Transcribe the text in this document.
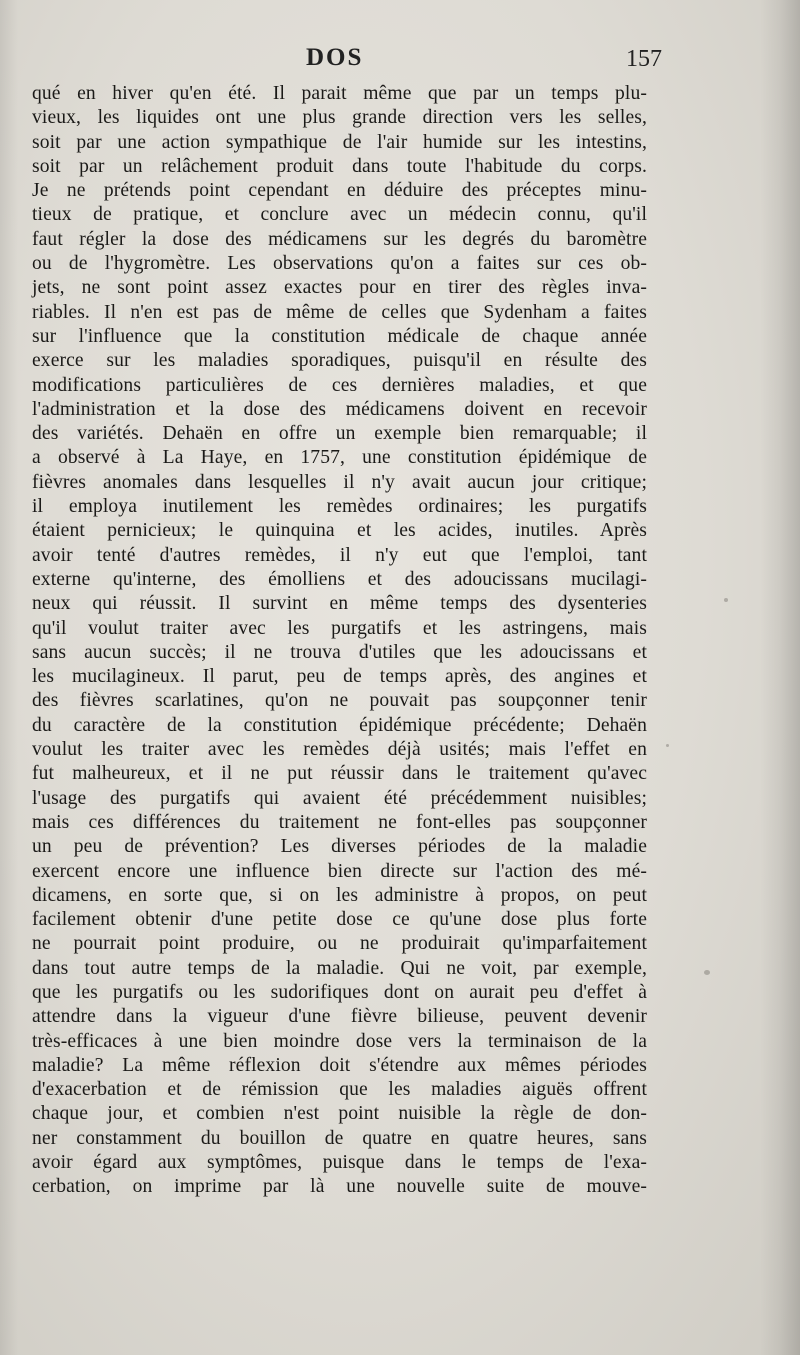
DOS	157
qué en hiver qu'en été. Il parait même que par un temps plu-
vieux, les liquides ont une plus grande direction vers les selles,
soit par une action sympathique de l'air humide sur les intestins,
soit par un relâchement produit dans toute l'habitude du corps.
Je ne prétends point cependant en déduire des préceptes minu-
tieux de pratique, et conclure avec un médecin connu, qu'il
faut régler la dose des médicamens sur les degrés du baromètre
ou de l'hygromètre. Les observations qu'on a faites sur ces ob-
jets, ne sont point assez exactes pour en tirer des règles inva-
riables. Il n'en est pas de même de celles que Sydenham a faites
sur l'influence que la constitution médicale de chaque année
exerce sur les maladies sporadiques, puisqu'il en résulte des
modifications particulières de ces dernières maladies, et que
l'administration et la dose des médicamens doivent en recevoir
des variétés. Dehaën en offre un exemple bien remarquable; il
a observé à La Haye, en 1757, une constitution épidémique de
fièvres anomales dans lesquelles il n'y avait aucun jour critique;
il employa inutilement les remèdes ordinaires; les purgatifs
étaient pernicieux; le quinquina et les acides, inutiles. Après
avoir tenté d'autres remèdes, il n'y eut que l'emploi, tant
externe qu'interne, des émolliens et des adoucissans mucilagi-
neux qui réussit. Il survint en même temps des dysenteries
qu'il voulut traiter avec les purgatifs et les astringens, mais
sans aucun succès; il ne trouva d'utiles que les adoucissans et
les mucilagineux. Il parut, peu de temps après, des angines et
des fièvres scarlatines, qu'on ne pouvait pas soupçonner tenir
du caractère de la constitution épidémique précédente; Dehaën
voulut les traiter avec les remèdes déjà usités; mais l'effet en
fut malheureux, et il ne put réussir dans le traitement qu'avec
l'usage des purgatifs qui avaient été précédemment nuisibles;
mais ces différences du traitement ne font-elles pas soupçonner
un peu de prévention? Les diverses périodes de la maladie
exercent encore une influence bien directe sur l'action des mé-
dicamens, en sorte que, si on les administre à propos, on peut
facilement obtenir d'une petite dose ce qu'une dose plus forte
ne pourrait point produire, ou ne produirait qu'imparfaitement
dans tout autre temps de la maladie. Qui ne voit, par exemple,
que les purgatifs ou les sudorifiques dont on aurait peu d'effet à
attendre dans la vigueur d'une fièvre bilieuse, peuvent devenir
très-efficaces à une bien moindre dose vers la terminaison de la
maladie? La même réflexion doit s'étendre aux mêmes périodes
d'exacerbation et de rémission que les maladies aiguës offrent
chaque jour, et combien n'est point nuisible la règle de don-
ner constamment du bouillon de quatre en quatre heures, sans
avoir égard aux symptômes, puisque dans le temps de l'exa-
cerbation, on imprime par là une nouvelle suite de mouve-
